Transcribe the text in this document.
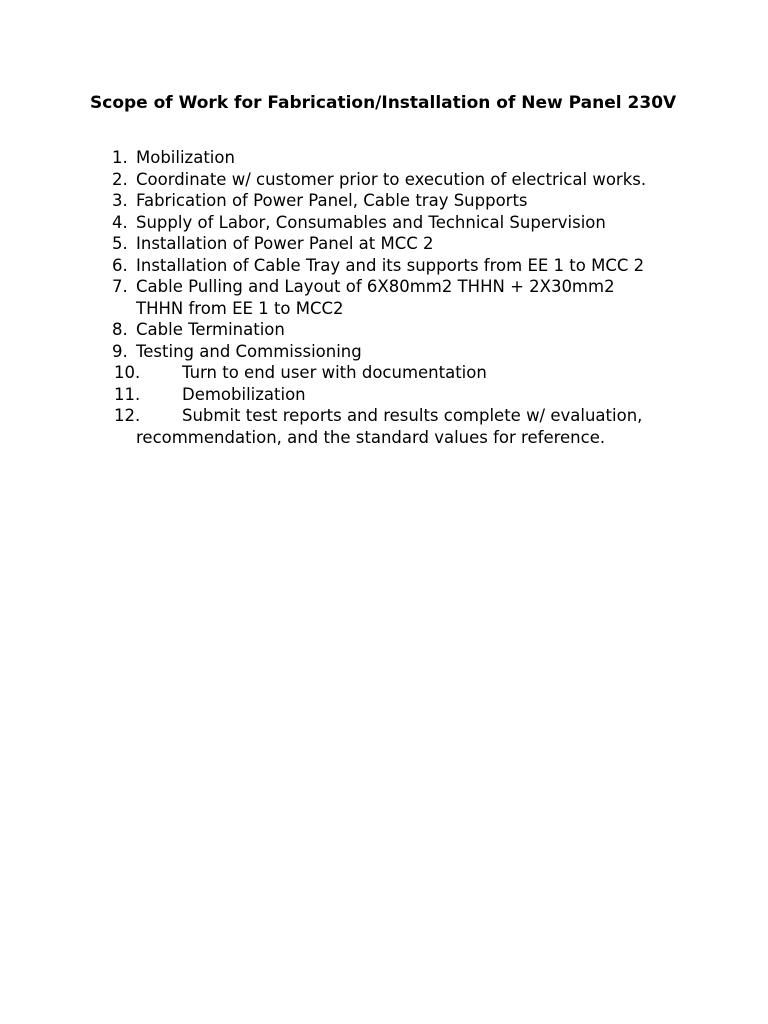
Scope of Work for Fabrication/Installation of New Panel 230V
1. Mobilization
2. Coordinate w/ customer prior to execution of electrical works.
3. Fabrication of Power Panel, Cable tray Supports
4. Supply of Labor, Consumables and Technical Supervision
5. Installation of Power Panel at MCC 2
6. Installation of Cable Tray and its supports from EE 1 to MCC 2
7. Cable Pulling and Layout of 6X80mm2 THHN + 2X30mm2 THHN from EE 1 to MCC2
8. Cable Termination
9. Testing and Commissioning
10.	Turn to end user with documentation
11.	Demobilization
12.	Submit test reports and results complete w/ evaluation, recommendation, and the standard values for reference.
